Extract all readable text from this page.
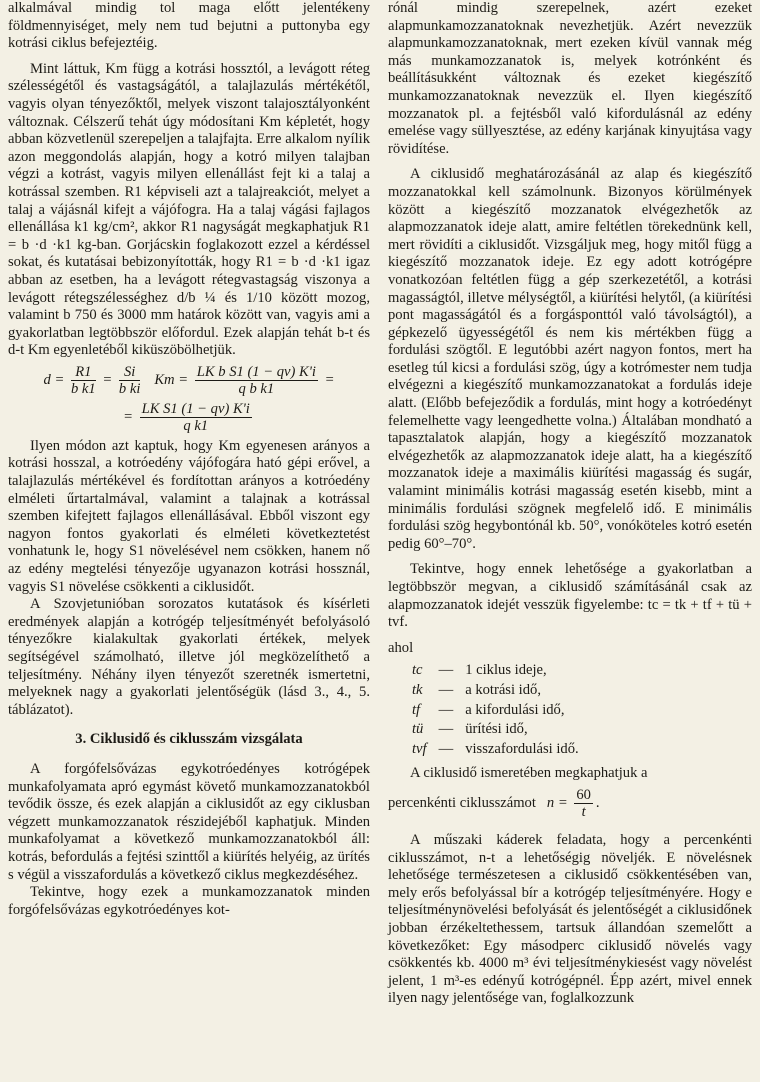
alkalmával mindig tol maga előtt jelentékeny földmennyiséget, mely nem tud bejutni a puttonyba egy kotrási ciklus befejeztéig.

Mint láttuk, Km függ a kotrási hossztól, a levágott réteg szélességétől és vastagságától, a talajlazulás mértékétől, vagyis olyan tényezőktől, melyek viszont talajosztályonként változnak. Célszerű tehát úgy módosítani Km képletét, hogy abban közvetlenül szerepeljen a talajfajta. Erre alkalom nyílik azon meggondolás alapján, hogy a kotró milyen talajban végzi a kotrást, vagyis milyen ellenállást fejt ki a talaj a kotrással szemben. R1 képviseli azt a talajreakciót, melyet a talaj a vájásnál kifejt a vájófogra. Ha a talaj vágási fajlagos ellenállása k1 kg/cm², akkor R1 nagyságát megkaphatjuk R1 = b ·d ·k1 kg-ban. Gorjácskin foglakozott ezzel a kérdéssel sokat, és kutatásai bebizonyították, hogy R1 = b ·d ·k1 igaz abban az esetben, ha a levágott rétegvastagság viszonya a levágott rétegszélességhez d/b ¼ és 1/10 között mozog, valamint b 750 és 3000 mm határok között van, vagyis ami a gyakorlatban legtöbbször előfordul. Ezek alapján tehát b-t és d-t Km egyenletéből kiküszöbölhetjük.

$d = \frac{R1}{\text{b k1}} = \frac{Si}{\text{b ki}}$ $Km = \frac{\text{LK b S1 (1 − qv) K'i}}{\text{q b k1}}$ =
= $\frac{\text{LK S1 (1 − qv) K'i}}{\text{q k1}}$

Ilyen módon azt kaptuk, hogy Km egyenesen arányos a kotrási hosszal, a kotróedény vájófogára ható gépi erővel, a talajlazulás mértékével és fordítottan arányos a kotróedény elméleti űrtartalmával, valamint a talajnak a kotrással szemben kifejtett fajlagos ellenállásával. Ebből viszont egy nagyon fontos gyakorlati és elméleti következtetést vonhatunk le, hogy S1 növelésével nem csökken, hanem nő az edény megtelési tényezője ugyanazon kotrási hossznál, vagyis S1 növelése csökkenti a ciklusidőt.

A Szovjetunióban sorozatos kutatások és kísérleti eredmények alapján a kotrógép teljesítményét befolyásoló tényezőkre kialakultak gyakorlati értékek, melyek segítségével számolható, illetve jól megközelíthető a teljesítmény. Néhány ilyen tényezőt szeretnék ismertetni, melyeknek nagy a gyakorlati jelentőségük (lásd 3., 4., 5. táblázatot).

3. Ciklusidő és ciklusszám vizsgálata

A forgófelsővázas egykotróedényes kotrógépek munkafolyamata apró egymást követő munkamozzanatokból tevődik össze, és ezek alapján a ciklusidőt az egy ciklusban végzett munkamozzanatok részidejéből kaphatjuk. Minden munkafolyamat a következő munkamozzanatokból áll: kotrás, befordulás a fejtési szinttől a kiürítés helyéig, az ürítés s végül a visszafordulás a következő ciklus megkezdéséhez.

Tekintve, hogy ezek a munkamozzanatok minden forgófelsővázas egykotróedényes kot-

rónál mindig szerepelnek, azért ezeket alapmunkamozzanatoknak nevezhetjük. Azért nevezzük alapmunkamozzanatoknak, mert ezeken kívül vannak még más munkamozzanatok is, melyek kotrónként és beállításukként változnak és ezeket kiegészítő munkamozzanatoknak nevezzük el. Ilyen kiegészítő mozzanatok pl. a fejtésből való kifordulásnál az edény emelése vagy süllyesztése, az edény karjának kinyujtása vagy rövidítése.

A ciklusidő meghatározásánál az alap és kiegészítő mozzanatokkal kell számolnunk. Bizonyos körülmények között a kiegészítő mozzanatok elvégezhetők az alapmozzanatok ideje alatt, amire feltétlen törekednünk kell, mert rövidíti a ciklusidőt. Vizsgáljuk meg, hogy mitől függ a kiegészítő mozzanatok ideje. Ez egy adott kotrógépre vonatkozóan feltétlen függ a gép szerkezetétől, a kotrási magasságtól, illetve mélységtől, a kiürítési helytől, (a kiürítési pont magasságától és a forgásponttól való távolságtól), a gépkezelő ügyességétől és nem kis mértékben függ a fordulási szögtől. E legutóbbi azért nagyon fontos, mert ha esetleg túl kicsi a fordulási szög, úgy a kotrómester nem tudja elvégezni a kiegészítő munkamozzanatokat a fordulás ideje alatt. (Előbb befejeződik a fordulás, mint hogy a kotróedényt felemelhette vagy leengedhette volna.) Általában mondható a tapasztalatok alapján, hogy a kiegészítő mozzanatok elvégezhetők az alapmozzanatok ideje alatt, ha a kiegészítő mozzanatok ideje a maximális kiürítési magasság és sugár, valamint minimális kotrási magasság esetén kisebb, mint a minimális fordulási szögnek megfelelő idő. E minimális fordulási szög hegybontónál kb. 50°, vonóköteles kotró esetén pedig 60°–70°.

Tekintve, hogy ennek lehetősége a gyakorlatban a legtöbbször megvan, a ciklusidő számításánál csak az alapmozzanatok idejét vesszük figyelembe: tc = tk + tf + tü + tvf.

ahol

tc	—	1 ciklus ideje,
tk	—	a kotrási idő,
tf	—	a kifordulási idő,
tü	—	ürítési idő,
tvf	—	visszafordulási idő.

A ciklusidő ismeretében megkaphatjuk a

percenkénti ciklusszámot $n = \frac{60}{t}$ .

A műszaki káderek feladata, hogy a percenkénti ciklusszámot, n-t a lehetőségig növeljék. E növelésnek lehetősége természetesen a ciklusidő csökkentésében van, mely erős befolyással bír a kotrógép teljesítményére. Hogy e teljesítménynövelési befolyását és jelentőségét a ciklusidőnek jobban érzékeltethessem, tartsuk állandóan szemelőtt a következőket: Egy másodperc ciklusidő növelés vagy csökkentés kb. 4000 m³ évi teljesítménykiesést vagy növelést jelent, 1 m³-es edényű kotrógépnél. Épp azért, mivel ennek ilyen nagy jelentősége van, foglalkozzunk
